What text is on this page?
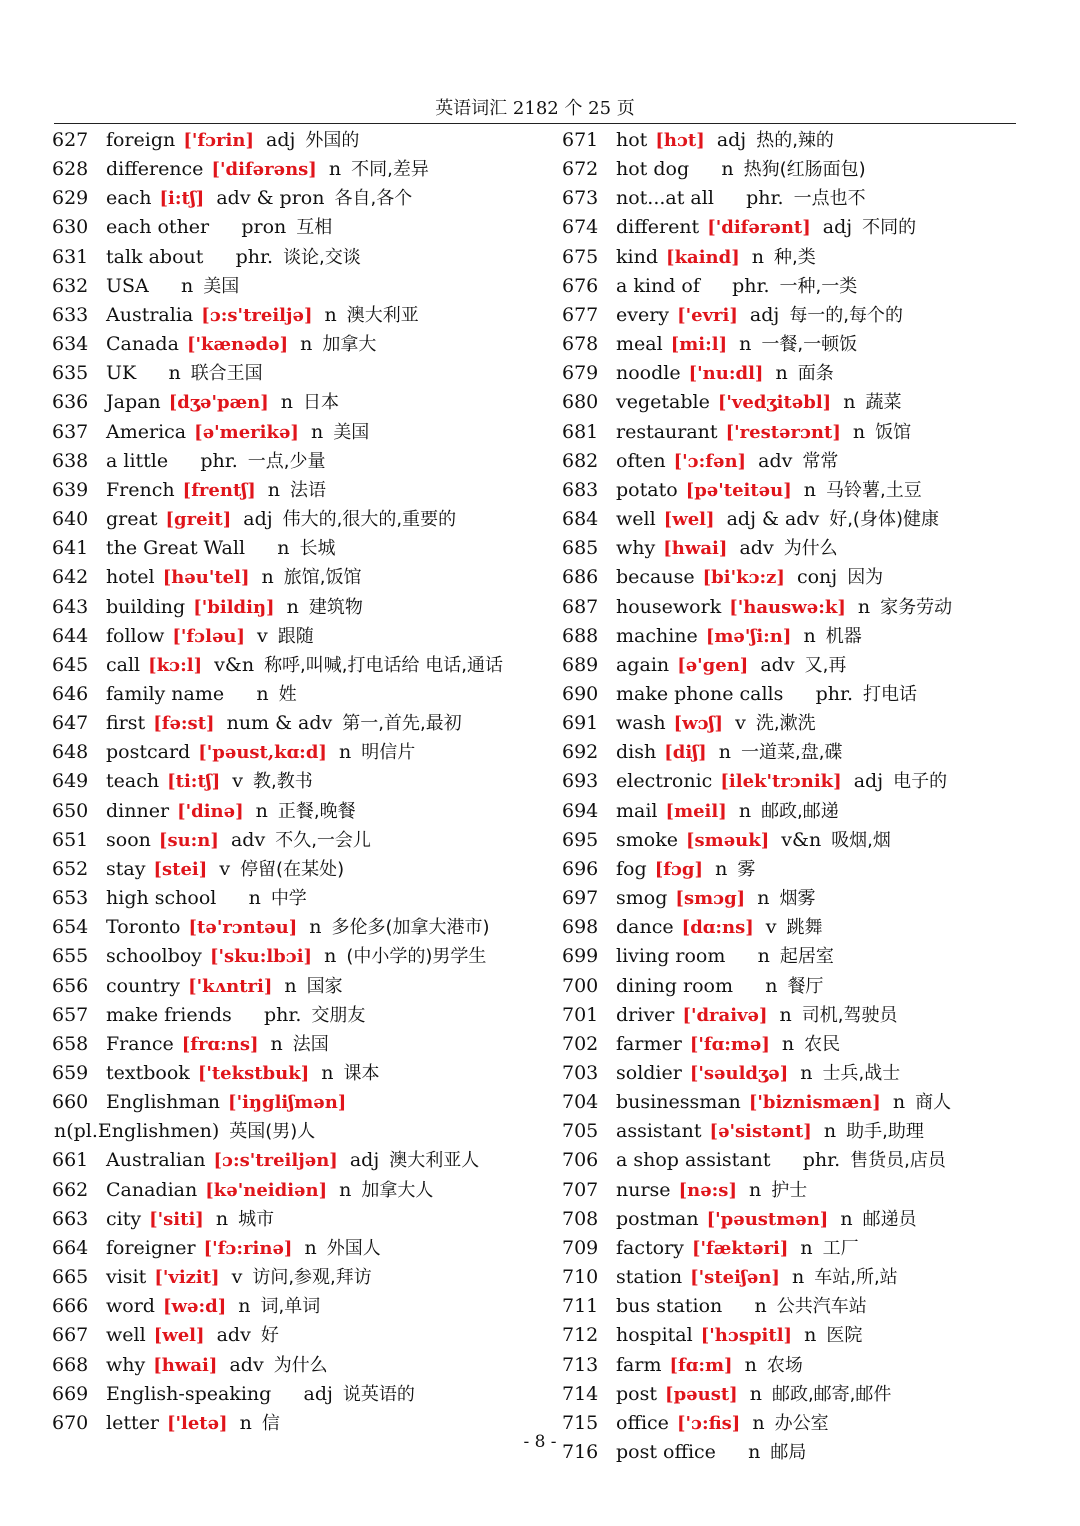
英语词汇 2182 个 25 页
627 foreign ['fɔrin] adj 外国的
628 difference ['difərəns] n 不同,差异
629 each [i:tʃ] adv & pron 各自,各个
630 each other pron 互相
631 talk about phr. 谈论,交谈
632 USA n 美国
633 Australia [ɔ:s'treiljə] n 澳大利亚
634 Canada ['kænədə] n 加拿大
635 UK n 联合王国
636 Japan [dʒə'pæn] n 日本
637 America [ə'merikə] n 美国
638 a little phr. 一点,少量
639 French [frentʃ] n 法语
640 great [greit] adj 伟大的,很大的,重要的
641 the Great Wall n 长城
642 hotel [həu'tel] n 旅馆,饭馆
643 building ['bildiŋ] n 建筑物
644 follow ['fɔləu] v 跟随
645 call [kɔ:l] v&n 称呼,叫喊,打电话给 电话,通话
646 family name n 姓
647 first [fə:st] num & adv 第一,首先,最初
648 postcard ['pəust,kɑ:d] n 明信片
649 teach [ti:tʃ] v 教,教书
650 dinner ['dinə] n 正餐,晚餐
651 soon [su:n] adv 不久,一会儿
652 stay [stei] v 停留(在某处)
653 high school n 中学
654 Toronto [tə'rɔntəu] n 多伦多(加拿大港市)
655 schoolboy ['sku:lbɔi] n (中小学的)男学生
656 country ['kʌntri] n 国家
657 make friends phr. 交朋友
658 France [frɑ:ns] n 法国
659 textbook ['tekstbuk] n 课本
660 Englishman ['iŋgliʃmən] n(pl.Englishmen) 英国(男)人
661 Australian [ɔ:s'treiljən] adj 澳大利亚人
662 Canadian [kə'neidiən] n 加拿大人
663 city ['siti] n 城市
664 foreigner ['fɔ:rinə] n 外国人
665 visit ['vizit] v 访问,参观,拜访
666 word [wə:d] n 词,单词
667 well [wel] adv 好
668 why [hwai] adv 为什么
669 English-speaking adj 说英语的
670 letter ['letə] n 信
671 hot [hɔt] adj 热的,辣的
672 hot dog n 热狗(红肠面包)
673 not...at all phr. 一点也不
674 different ['difərənt] adj 不同的
675 kind [kaind] n 种,类
676 a kind of phr. 一种,一类
677 every ['evri] adj 每一的,每个的
678 meal [mi:l] n 一餐,一顿饭
679 noodle ['nu:dl] n 面条
680 vegetable ['vedʒitəbl] n 蔬菜
681 restaurant ['restərɔnt] n 饭馆
682 often ['ɔ:fən] adv 常常
683 potato [pə'teitəu] n 马铃薯,土豆
684 well [wel] adj & adv 好,(身体)健康
685 why [hwai] adv 为什么
686 because [bi'kɔ:z] conj 因为
687 housework ['hauswə:k] n 家务劳动
688 machine [mə'ʃi:n] n 机器
689 again [ə'gen] adv 又,再
690 make phone calls phr. 打电话
691 wash [wɔʃ] v 洗,漱洗
692 dish [diʃ] n 一道菜,盘,碟
693 electronic [ilek'trɔnik] adj 电子的
694 mail [meil] n 邮政,邮递
695 smoke [sməuk] v&n 吸烟,烟
696 fog [fɔg] n 雾
697 smog [smɔg] n 烟雾
698 dance [dɑ:ns] v 跳舞
699 living room n 起居室
700 dining room n 餐厅
701 driver ['draivə] n 司机,驾驶员
702 farmer ['fɑ:mə] n 农民
703 soldier ['səuldʒə] n 士兵,战士
704 businessman ['biznismæn] n 商人
705 assistant [ə'sistənt] n 助手,助理
706 a shop assistant phr. 售货员,店员
707 nurse [nə:s] n 护士
708 postman ['pəustmən] n 邮递员
709 factory ['fæktəri] n 工厂
710 station ['steiʃən] n 车站,所,站
711 bus station n 公共汽车站
712 hospital ['hɔspitl] n 医院
713 farm [fɑ:m] n 农场
714 post [pəust] n 邮政,邮寄,邮件
715 office ['ɔ:fis] n 办公室
716 post office n 邮局
- 8 -
